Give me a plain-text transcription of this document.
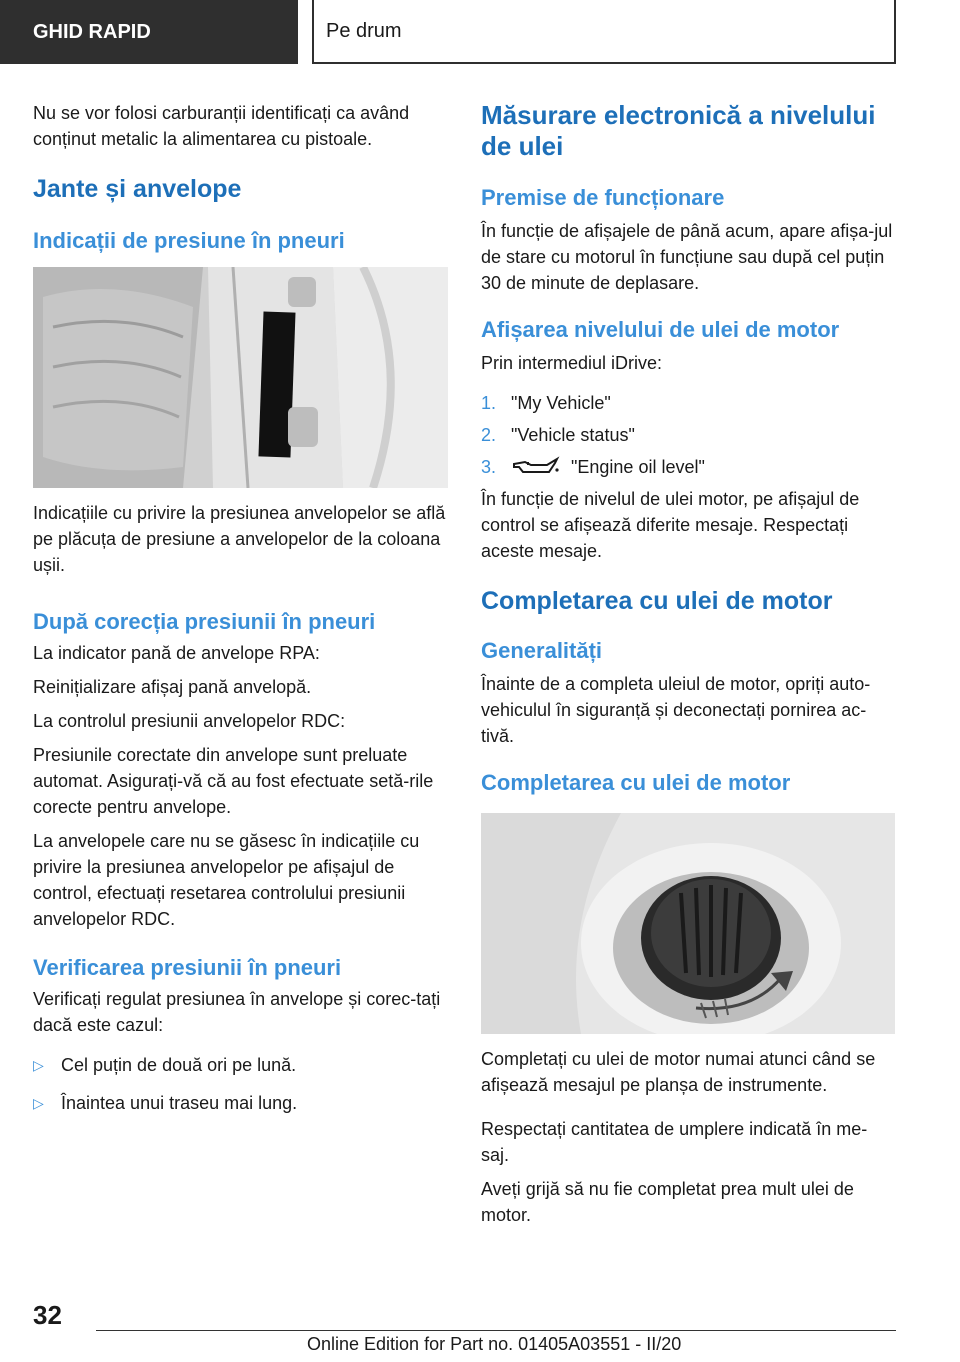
GHID RAPID	Pe drum

Nu se vor folosi carburanții identificați ca având conținut metalic la alimentarea cu pistoale.

Jante și anvelope
Indicații de presiune în pneuri

Indicațiile cu privire la presiunea anvelopelor se află pe plăcuța de presiune a anvelopelor de la coloana ușii.

După corecția presiunii în pneuri

La indicator pană de anvelope RPA:

Reinițializare afișaj pană anvelopă.

La controlul presiunii anvelopelor RDC:

Presiunile corectate din anvelope sunt preluate automat. Asigurați-vă că au fost efectuate setă-rile corecte pentru anvelope.

La anvelopele care nu se găsesc în indicațiile cu privire la presiunea anvelopelor pe afișajul de control, efectuați resetarea controlului presiunii anvelopelor RDC.

Verificarea presiunii în pneuri

Verificați regulat presiunea în anvelope și corec-tați dacă este cazul:

▷ Cel puțin de două ori pe lună.
▷ Înaintea unui traseu mai lung.
Măsurare electronică a nivelului de ulei
Premise de funcționare

În funcție de afișajele de până acum, apare afișa-jul de stare cu motorul în funcțiune sau după cel puțin 30 de minute de deplasare.

Afișarea nivelului de ulei de motor

Prin intermediul iDrive:

1. "My Vehicle"
2. "Vehicle status"
3.	"Engine oil level"

În funcție de nivelul de ulei motor, pe afișajul de control se afișează diferite mesaje. Respectați aceste mesaje.

Completarea cu ulei de motor
Generalități

Înainte de a completa uleiul de motor, opriți auto-vehiculul în siguranță și deconectați pornirea ac-tivă.

Completarea cu ulei de motor

Completați cu ulei de motor numai atunci când se afișează mesajul pe planșa de instrumente.

Respectați cantitatea de umplere indicată în me-saj.

Aveți grijă să nu fie completat prea mult ulei de motor.

32
Online Edition for Part no. 01405A03551 - II/20
